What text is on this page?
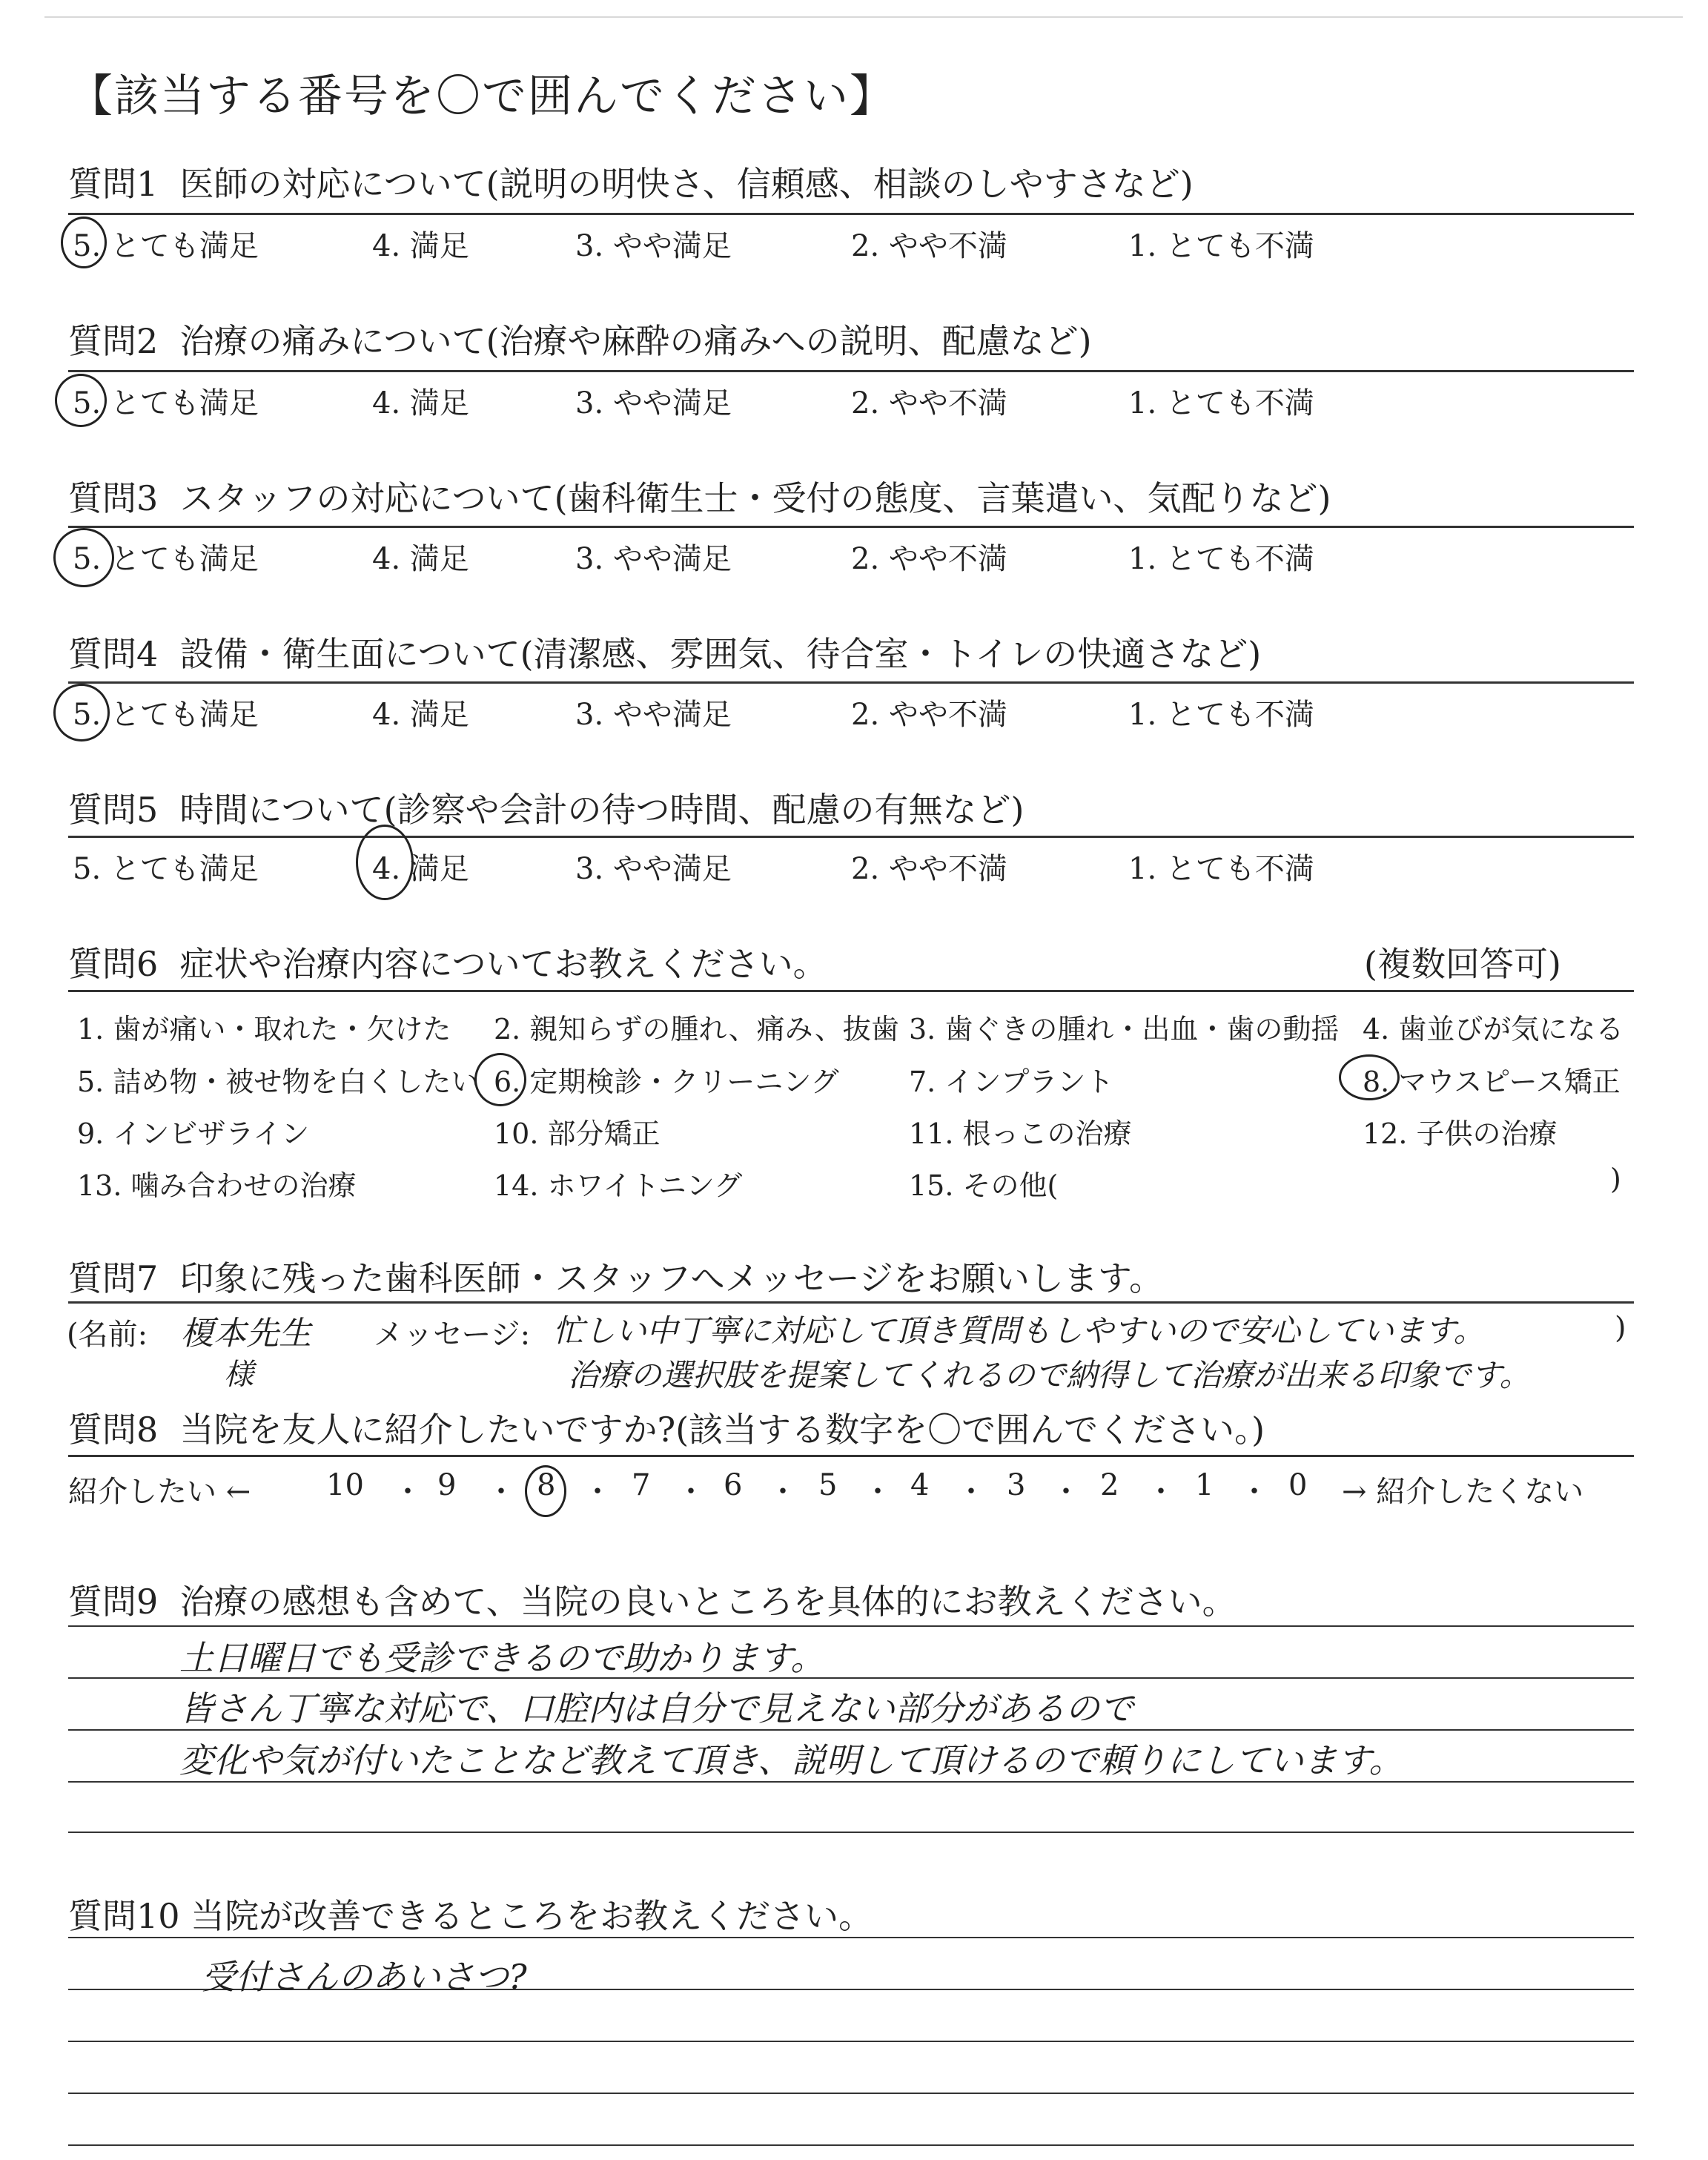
【該当する番号を〇で囲んでください】
質問1 医師の対応について(説明の明快さ、信頼感、相談のしやすさなど)
5. とても満足	4. 満足	3. やや満足	2. やや不満	1. とても不満
質問2 治療の痛みについて(治療や麻酔の痛みへの説明、配慮など)
5. とても満足	4. 満足	3. やや満足	2. やや不満	1. とても不満
質問3 スタッフの対応について(歯科衛生士・受付の態度、言葉遣い、気配りなど)
5. とても満足	4. 満足	3. やや満足	2. やや不満	1. とても不満
質問4 設備・衛生面について(清潔感、雰囲気、待合室・トイレの快適さなど)
5. とても満足	4. 満足	3. やや満足	2. やや不満	1. とても不満
質問5 時間について(診察や会計の待つ時間、配慮の有無など)
5. とても満足	4. 満足	3. やや満足	2. やや不満	1. とても不満
質問6 症状や治療内容についてお教えください。	(複数回答可)
1. 歯が痛い・取れた・欠けた 2. 親知らずの腫れ、痛み、抜歯 3. 歯ぐきの腫れ・出血・歯の動揺 4. 歯並びが気になる
5. 詰め物・被せ物を白くしたい 6. 定期検診・クリーニング 7. インプラント	8. マウスピース矯正
9. インビザライン	10. 部分矯正	11. 根っこの治療	12. 子供の治療
13. 噛み合わせの治療	14. ホワイトニング	15. その他(	)
質問7 印象に残った歯科医師・スタッフへメッセージをお願いします。
(名前: 榎本先生
様
メッセージ: 忙しい中丁寧に対応して頂き質問もしやすいので安心しています。
治療の選択肢を提案してくれるので納得して治療が出来る印象です。
)
質問8 当院を友人に紹介したいですか?(該当する数字を〇で囲んでください。)
紹介したい ←	10 ・ 9 ・ 8 ・ 7 ・ 6 ・ 5 ・ 4 ・ 3 ・ 2 ・ 1 ・ 0 → 紹介したくない
質問9 治療の感想も含めて、当院の良いところを具体的にお教えください。
土日曜日でも受診できるので助かります。
皆さん丁寧な対応で、口腔内は自分で見えない部分があるので
変化や気が付いたことなど教えて頂き、説明して頂けるので頼りにしています。
質問10 当院が改善できるところをお教えください。
受付さんのあいさつ?
